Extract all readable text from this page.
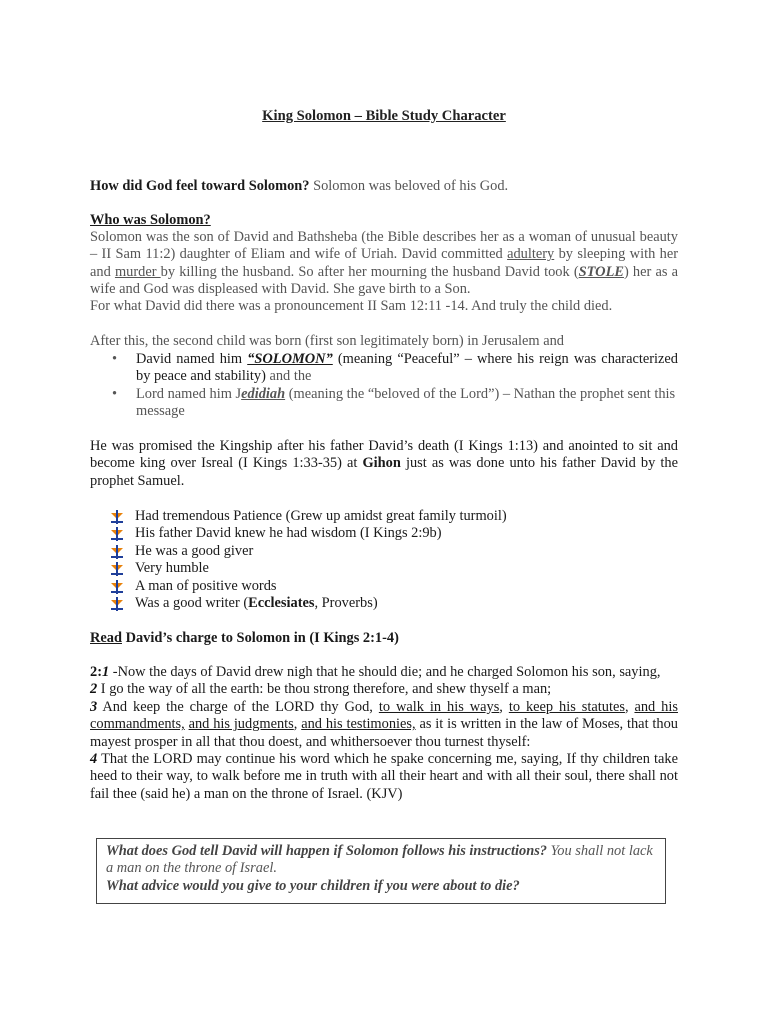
King Solomon – Bible Study Character

How did God feel toward Solomon? Solomon was beloved of his God.

Who was Solomon?

Solomon was the son of David and Bathsheba (the Bible describes her as a woman of unusual beauty – II Sam 11:2) daughter of Eliam and wife of Uriah. David committed adultery by sleeping with her and murder by killing the husband. So after her mourning the husband David took (STOLE) her as a wife and God was displeased with David. She gave birth to a Son.

For what David did there was a pronouncement II Sam 12:11 -14. And truly the child died.

After this, the second child was born (first son legitimately born) in Jerusalem and

• David named him “SOLOMON” (meaning “Peaceful” – where his reign was characterized by peace and stability) and the
• Lord named him Jedidiah (meaning the “beloved of the Lord”) – Nathan the prophet sent this message

He was promised the Kingship after his father David’s death (I Kings 1:13) and anointed to sit and become king over Isreal (I Kings 1:33-35) at Gihon just as was done unto his father David by the prophet Samuel.

Had tremendous Patience (Grew up amidst great family turmoil)
His father David knew he had wisdom (I Kings 2:9b)
He was a good giver
Very humble
A man of positive words
Was a good writer (Ecclesiates, Proverbs)

Read David’s charge to Solomon in (I Kings 2:1-4)

2:1 -Now the days of David drew nigh that he should die; and he charged Solomon his son, saying,
2 I go the way of all the earth: be thou strong therefore, and shew thyself a man;
3 And keep the charge of the LORD thy God, to walk in his ways, to keep his statutes, and his commandments, and his judgments, and his testimonies, as it is written in the law of Moses, that thou mayest prosper in all that thou doest, and whithersoever thou turnest thyself:
4 That the LORD may continue his word which he spake concerning me, saying, If thy children take heed to their way, to walk before me in truth with all their heart and with all their soul, there shall not fail thee (said he) a man on the throne of Israel. (KJV)
What does God tell David will happen if Solomon follows his instructions? You shall not lack a man on the throne of Israel.
What advice would you give to your children if you were about to die?
